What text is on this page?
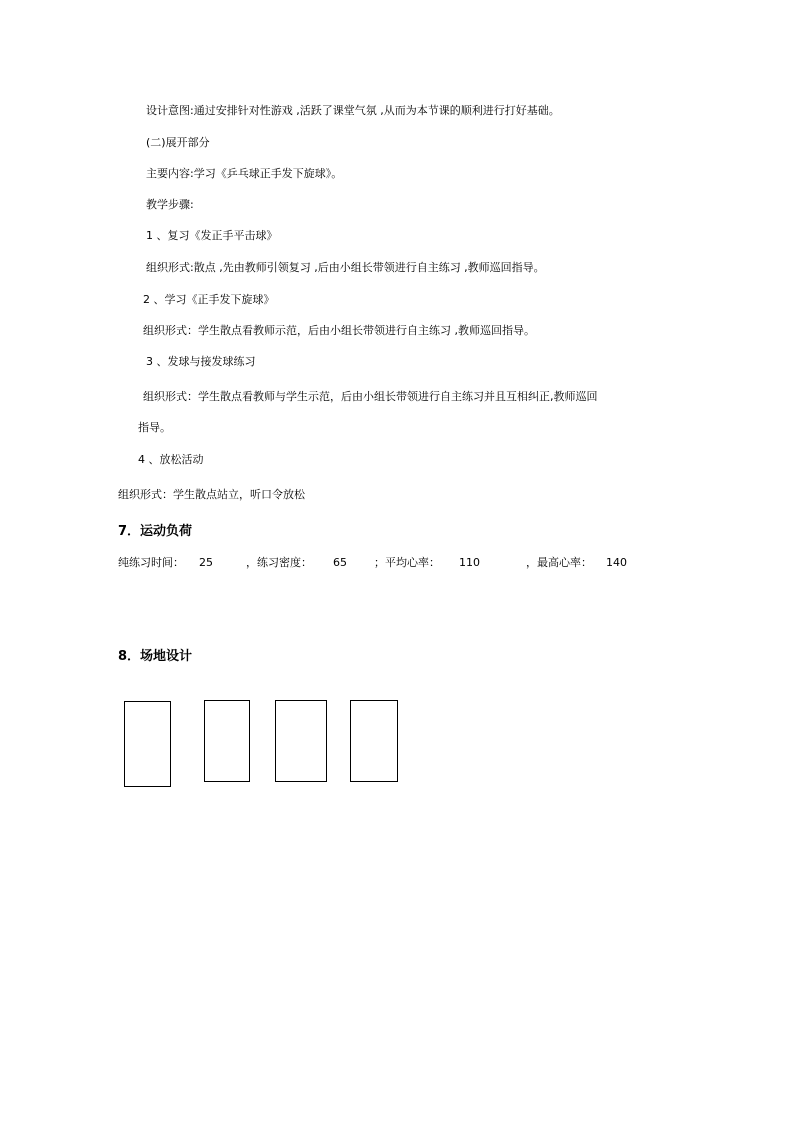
设计意图:通过安排针对性游戏 ,活跃了课堂气氛 ,从而为本节课的顺利进行打好基础。
(二)展开部分
主要内容:学习《乒乓球正手发下旋球》。
教学步骤:
1 、复习《发正手平击球》
组织形式:散点 ,先由教师引领复习 ,后由小组长带领进行自主练习 ,教师巡回指导。
2 、学习《正手发下旋球》
组织形式：学生散点看教师示范，后由小组长带领进行自主练习 ,教师巡回指导。
3 、发球与接发球练习
组织形式：学生散点看教师与学生示范，后由小组长带领进行自主练习并且互相纠正,教师巡回
指导。
4 、放松活动
组织形式：学生散点站立，听口令放松
7．运动负荷
纯练习时间： 25	，练习密度： 65 ；平均心率： 110	，最高心率： 140
8．场地设计
